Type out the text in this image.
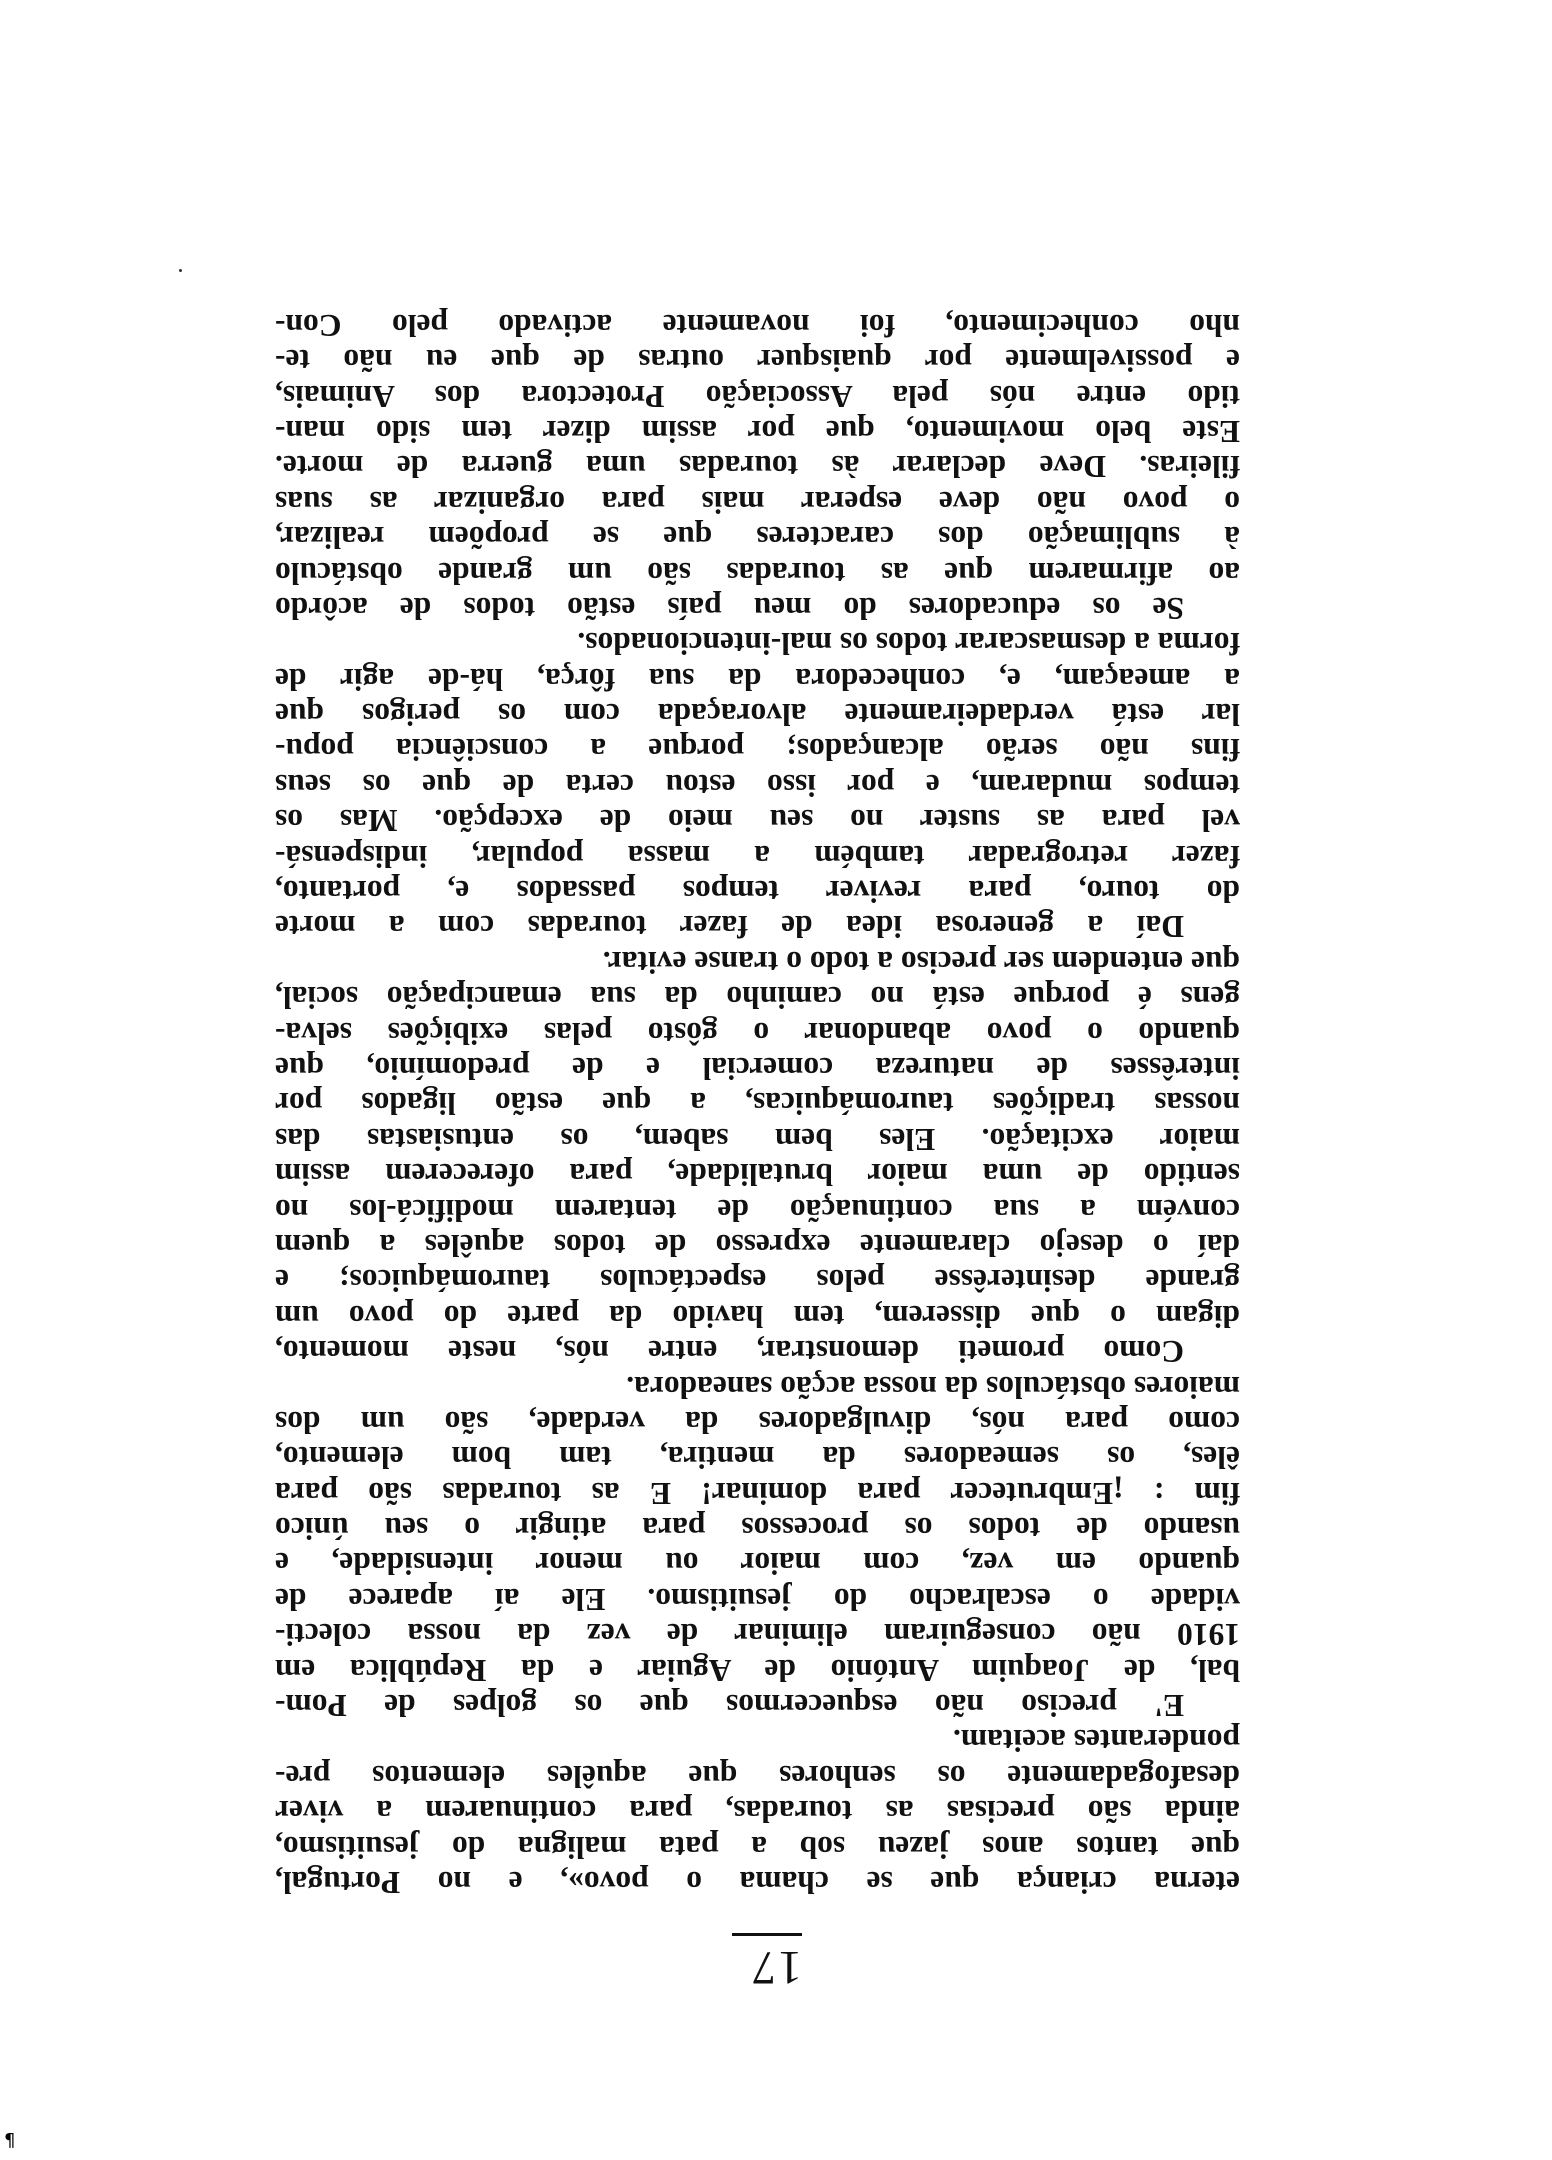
17
eterna criança que se chama o povo», e no Portugal,
que tantos anos jazeu sob a pata maligna do jesuitismo,
ainda são precisas as touradas, para continuarem a viver
desafogadamente os senhores que aquêles elementos pre-
ponderantes aceitam.
E' preciso não esquecermos que os golpes de Pom-
bal, de Joaquim António de Aguiar e da República em
1910 não conseguiram eliminar de vez da nossa colecti-
vidade o escalracho do jesuitismo. Ele aí aparece de
quando em vez, com maior ou menor intensidade, e
usando de todos os processos para atingir o seu único
fim : ¡Embrutecer para dominar! E as touradas são para
êles, os semeadores da mentira, tam bom elemento,
como para nós, divulgadores da verdade, são um dos
maiores obstáculos da nossa acção saneadora.
Como prometi demonstrar, entre nós, neste momento,
digam o que disserem, tem havido da parte do povo um
grande desinterêsse pelos espectáculos tauromáquicos; e
daí o desejo claramente expresso de todos aquêles a quem
convém a sua continuação de tentarem modificá-los no
sentido de uma maior brutalidade, para oferecerem assim
maior excitação. Eles bem sabem, os entusiastas das
nossas tradições tauromáquicas, a que estão ligados por
interêsses de natureza comercial e de predomínio, que
quando o povo abandonar o gôsto pelas exibições selva-
gens é porque está no caminho da sua emancipação social,
que entendem ser preciso a todo o transe evitar.
Daí a generosa idea de fazer touradas com a morte
do touro, para reviver tempos passados e, portanto,
fazer retrogradar também a massa popular, indispensá-
vel para as suster no seu meio de excepção. Mas os
tempos mudaram, e por isso estou certa de que os seus
fins não serão alcançados; porque a consciência popu-
lar está verdadeiramente alvoraçada com os perigos que
a ameaçam, e, conhecedora da sua fôrça, há-de agir de
forma a desmascarar todos os mal-intencionados.
Se os educadores do meu país estão todos de acôrdo
ao afirmarem que as touradas são um grande obstáculo
à sublimação dos caracteres que se propõem realizar,
o povo não deve esperar mais para organizar as suas
fileiras. Deve declarar às touradas uma guerra de morte.
Este belo movimento, que por assim dizer tem sido man-
tido entre nós pela Associação Protectora dos Animais,
e possivelmente por quaisquer outras de que eu não te-
nho conhecimento, foi novamente activado pelo Con-
¶
